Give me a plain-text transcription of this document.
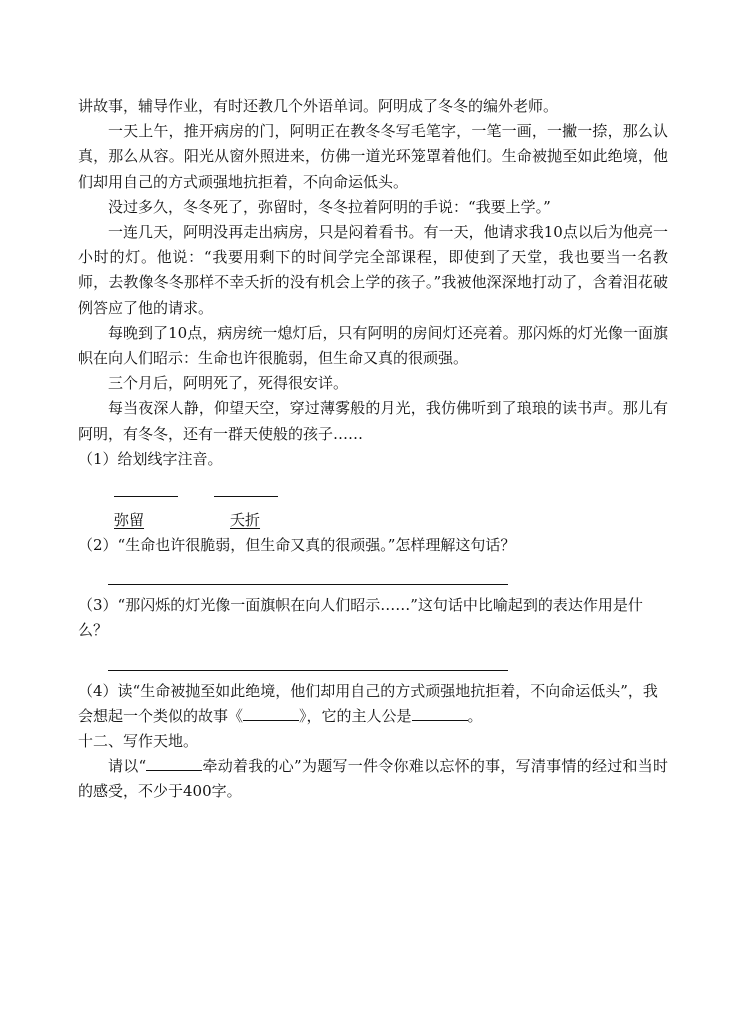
讲故事，辅导作业，有时还教几个外语单词。阿明成了冬冬的编外老师。

一天上午，推开病房的门，阿明正在教冬冬写毛笔字，一笔一画，一撇一捺，那么认真，那么从容。阳光从窗外照进来，仿佛一道光环笼罩着他们。生命被抛至如此绝境，他们却用自己的方式顽强地抗拒着，不向命运低头。

没过多久，冬冬死了，弥留时，冬冬拉着阿明的手说：“我要上学。”

一连几天，阿明没再走出病房，只是闷着看书。有一天，他请求我10点以后为他亮一小时的灯。他说：“我要用剩下的时间学完全部课程，即使到了天堂，我也要当一名教师，去教像冬冬那样不幸夭折的没有机会上学的孩子。”我被他深深地打动了，含着泪花破例答应了他的请求。

每晚到了10点，病房统一熄灯后，只有阿明的房间灯还亮着。那闪烁的灯光像一面旗帜在向人们昭示：生命也许很脆弱，但生命又真的很顽强。

三个月后，阿明死了，死得很安详。

每当夜深人静，仰望天空，穿过薄雾般的月光，我仿佛听到了琅琅的读书声。那儿有阿明，有冬冬，还有一群天使般的孩子……

（1）给划线字注音。

弥留	夭折

（2）“生命也许很脆弱，但生命又真的很顽强。”怎样理解这句话？

（3）“那闪烁的灯光像一面旗帜在向人们昭示……”这句话中比喻起到的表达作用是什么？

（4）读“生命被抛至如此绝境，他们却用自己的方式顽强地抗拒着，不向命运低头”，我会想起一个类似的故事《	》，它的主人公是	。

十二、写作天地。

请以“	牵动着我的心”为题写一件令你难以忘怀的事，写清事情的经过和当时的感受，不少于400字。
